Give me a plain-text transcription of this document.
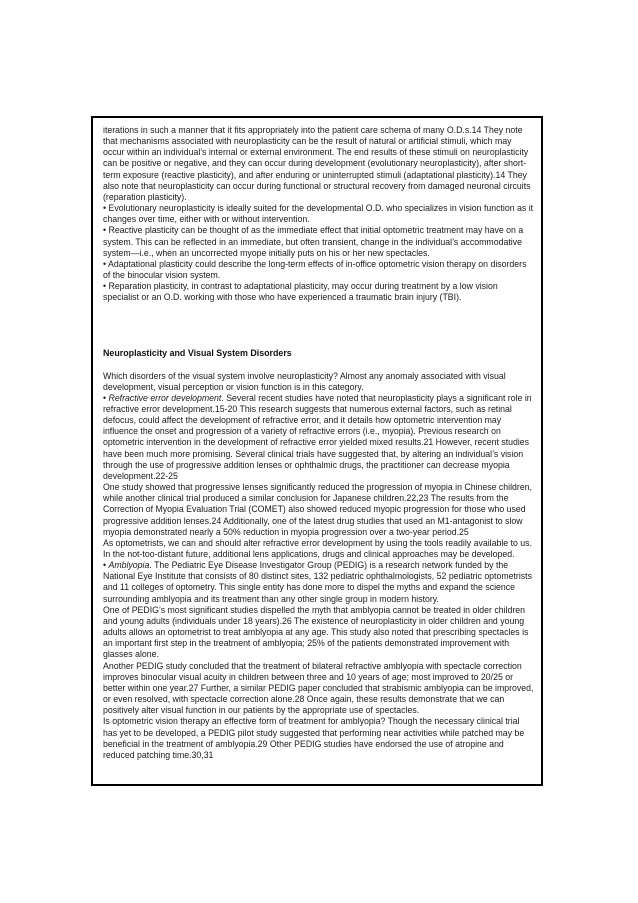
iterations in such a manner that it fits appropriately into the patient care schema of many O.D.s.14 They note that mechanisms associated with neuroplasticity can be the result of natural or artificial stimuli, which may occur within an individual’s internal or external environment. The end results of these stimuli on neuroplasticity can be positive or negative, and they can occur during development (evolutionary neuroplasticity), after short-term exposure (reactive plasticity), and after enduring or uninterrupted stimuli (adaptational plasticity).14 They also note that neuroplasticity can occur during functional or structural recovery from damaged neuronal circuits (reparation plasticity).

• Evolutionary neuroplasticity is ideally suited for the developmental O.D. who specializes in vision function as it changes over time, either with or without intervention.

• Reactive plasticity can be thought of as the immediate effect that initial optometric treatment may have on a system. This can be reflected in an immediate, but often transient, change in the individual’s accommodative system—i.e., when an uncorrected myope initially puts on his or her new spectacles.

• Adaptational plasticity could describe the long-term effects of in-office optometric vision therapy on disorders of the binocular vision system.

• Reparation plasticity, in contrast to adaptational plasticity, may occur during treatment by a low vision specialist or an O.D. working with those who have experienced a traumatic brain injury (TBI).

Neuroplasticity and Visual System Disorders

Which disorders of the visual system involve neuroplasticity? Almost any anomaly associated with visual development, visual perception or vision function is in this category.

• Refractive error development. Several recent studies have noted that neuroplasticity plays a significant role in refractive error development.15-20 This research suggests that numerous external factors, such as retinal defocus, could affect the development of refractive error, and it details how optometric intervention may influence the onset and progression of a variety of refractive errors (i.e., myopia). Previous research on optometric intervention in the development of refractive error yielded mixed results.21 However, recent studies have been much more promising. Several clinical trials have suggested that, by altering an individual’s vision through the use of progressive addition lenses or ophthalmic drugs, the practitioner can decrease myopia development.22-25

One study showed that progressive lenses significantly reduced the progression of myopia in Chinese children, while another clinical trial produced a similar conclusion for Japanese children.22,23 The results from the Correction of Myopia Evaluation Trial (COMET) also showed reduced myopic progression for those who used progressive addition lenses.24 Additionally, one of the latest drug studies that used an M1-antagonist to slow myopia demonstrated nearly a 50% reduction in myopia progression over a two-year period.25

As optometrists, we can and should alter refractive error development by using the tools readily available to us. In the not-too-distant future, additional lens applications, drugs and clinical approaches may be developed.

• Amblyopia. The Pediatric Eye Disease Investigator Group (PEDIG) is a research network funded by the National Eye Institute that consists of 80 distinct sites, 132 pediatric ophthalmologists, 52 pediatric optometrists and 11 colleges of optometry. This single entity has done more to dispel the myths and expand the science surrounding amblyopia and its treatment than any other single group in modern history.

One of PEDIG’s most significant studies dispelled the myth that amblyopia cannot be treated in older children and young adults (individuals under 18 years).26 The existence of neuroplasticity in older children and young adults allows an optometrist to treat amblyopia at any age. This study also noted that prescribing spectacles is an important first step in the treatment of amblyopia; 25% of the patients demonstrated improvement with glasses alone.

Another PEDIG study concluded that the treatment of bilateral refractive amblyopia with spectacle correction improves binocular visual acuity in children between three and 10 years of age; most improved to 20/25 or better within one year.27 Further, a similar PEDIG paper concluded that strabismic amblyopia can be improved, or even resolved, with spectacle correction alone.28 Once again, these results demonstrate that we can positively alter visual function in our patients by the appropriate use of spectacles.

Is optometric vision therapy an effective form of treatment for amblyopia? Though the necessary clinical trial has yet to be developed, a PEDIG pilot study suggested that performing near activities while patched may be beneficial in the treatment of amblyopia.29 Other PEDIG studies have endorsed the use of atropine and reduced patching time.30,31
